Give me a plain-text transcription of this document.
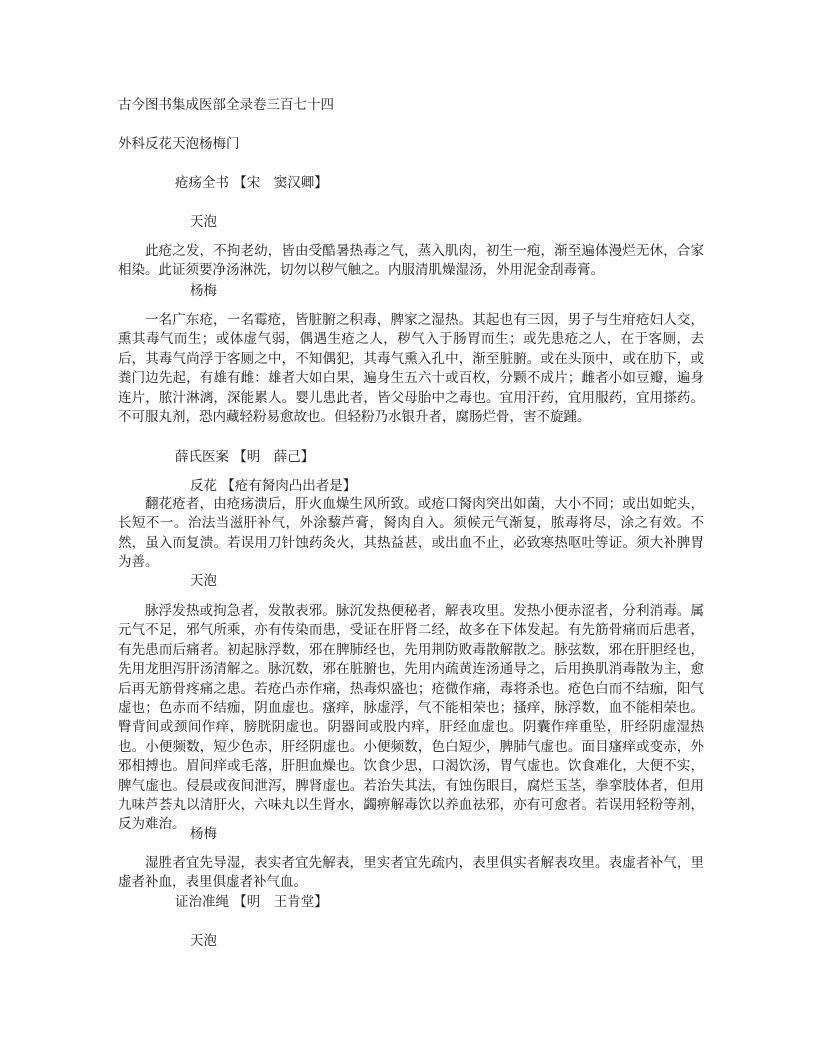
古今图书集成医部全录卷三百七十四
外科反花天泡杨梅门
疮疡全书 【宋　窦汉卿】
天泡
此疮之发，不拘老幼，皆由受酷暑热毒之气，蒸入肌肉，初生一疱，渐至遍体漫烂无休，合家相染。此证须要净汤淋洗，切勿以秽气触之。内服清肌燥湿汤，外用泥金刮毒膏。
杨梅
一名广东疮，一名霉疮，皆脏腑之积毒，脾家之湿热。其起也有三因，男子与生疳疮妇人交，熏其毒气而生；或体虚气弱，偶遇生疮之人，秽气入于肠胃而生；或先患疮之人，在于客厕，去后，其毒气尚浮于客厕之中，不知偶犯，其毒气熏入孔中，渐至脏腑。或在头顶中，或在肋下，或粪门边先起，有雄有雌：雄者大如白果，遍身生五六十或百枚，分颗不成片；雌者小如豆瓣，遍身连片，脓汁淋漓，深能累人。婴儿患此者，皆父母胎中之毒也。宜用汗药，宜用服药，宜用搽药。不可服丸剂，恐内藏轻粉易愈故也。但轻粉乃水银升者，腐肠烂骨，害不旋踵。
薛氏医案 【明　薛己】
反花 【疮有胬肉凸出者是】
翻花疮者，由疮疡溃后，肝火血燥生风所致。或疮口胬肉突出如菌，大小不同；或出如蛇头，长短不一。治法当滋肝补气，外涂藜芦膏，胬肉自入。须候元气渐复，脓毒将尽，涂之有效。不然，虽入而复溃。若误用刀针蚀药灸火，其热益甚，或出血不止，必致寒热呕吐等证。须大补脾胃为善。
天泡
脉浮发热或拘急者，发散表邪。脉沉发热便秘者，解表攻里。发热小便赤涩者，分利消毒。属元气不足，邪气所乘，亦有传染而患，受证在肝肾二经，故多在下体发起。有先筋骨痛而后患者，有先患而后痛者。初起脉浮数，邪在脾肺经也，先用荆防败毒散解散之。脉弦数，邪在肝胆经也，先用龙胆泻肝汤清解之。脉沉数，邪在脏腑也，先用内疏黄连汤通导之，后用换肌消毒散为主，愈后再无筋骨疼痛之患。若疮凸赤作痛，热毒炽盛也；疮微作痛，毒将杀也。疮色白而不结痂，阳气虚也；色赤而不结痂，阴血虚也。瘙痒，脉虚浮，气不能相荣也；搔痒，脉浮数，血不能相荣也。臀背间或颈间作痒，膀胱阴虚也。阴器间或股内痒，肝经血虚也。阴囊作痒重坠，肝经阴虚湿热也。小便频数，短少色赤，肝经阴虚也。小便频数，色白短少，脾肺气虚也。面目瘙痒或变赤，外邪相搏也。眉间痒或毛落，肝胆血燥也。饮食少思，口渴饮汤，胃气虚也。饮食难化，大便不实，脾气虚也。侵晨或夜间泄泻，脾肾虚也。若治失其法，有蚀伤眼目，腐烂玉茎，拳挛肢体者，但用九味芦荟丸以清肝火，六味丸以生肾水，蠲痹解毒饮以养血祛邪，亦有可愈者。若误用轻粉等剂，反为难治。
杨梅
湿胜者宜先导湿，表实者宜先解表，里实者宜先疏内，表里俱实者解表攻里。表虚者补气，里虚者补血，表里俱虚者补气血。
证治准绳 【明　王肯堂】
天泡
